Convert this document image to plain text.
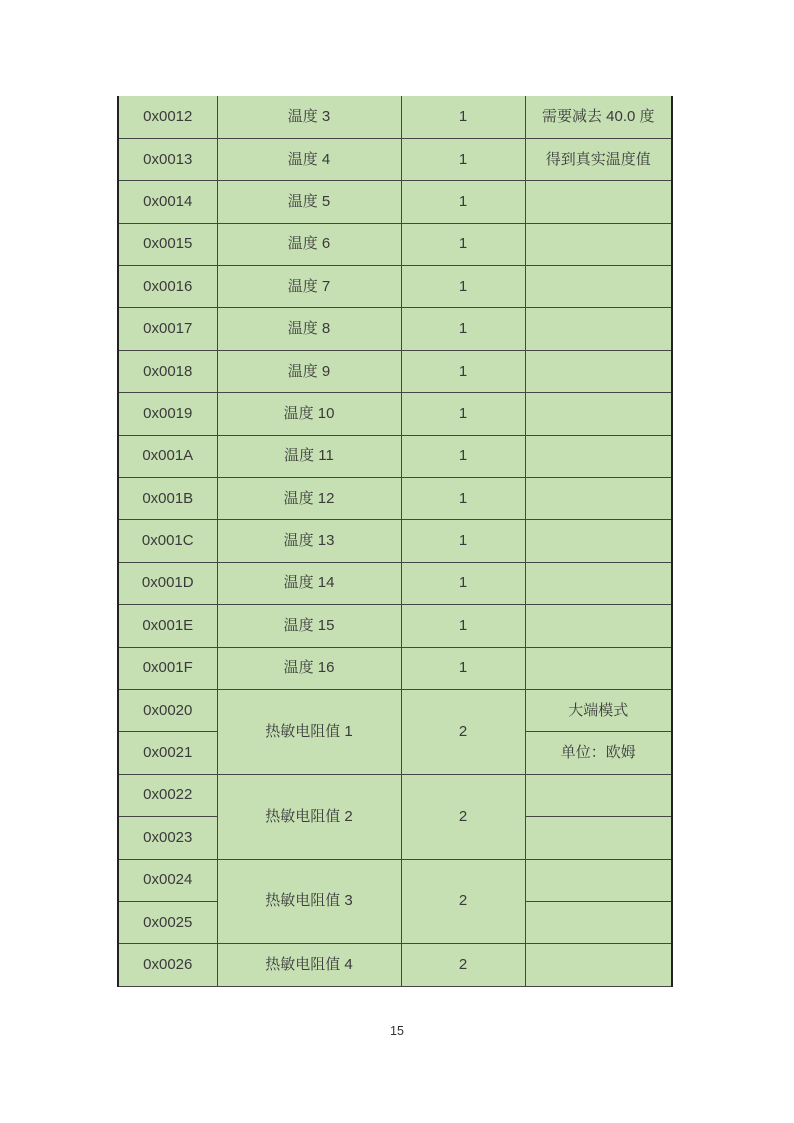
0x0012	温度 3	1	需要减去 40.0 度
0x0013	温度 4	1	得到真实温度值
0x0014	温度 5	1	
0x0015	温度 6	1	
0x0016	温度 7	1	
0x0017	温度 8	1	
0x0018	温度 9	1	
0x0019	温度 10	1	
0x001A	温度 11	1	
0x001B	温度 12	1	
0x001C	温度 13	1	
0x001D	温度 14	1	
0x001E	温度 15	1	
0x001F	温度 16	1	
0x0020	热敏电阻值 1	2	大端模式
0x0021			单位：欧姆
0x0022	热敏电阻值 2	2	
0x0023			
0x0024	热敏电阻值 3	2	
0x0025			
0x0026	热敏电阻值 4	2	
15
